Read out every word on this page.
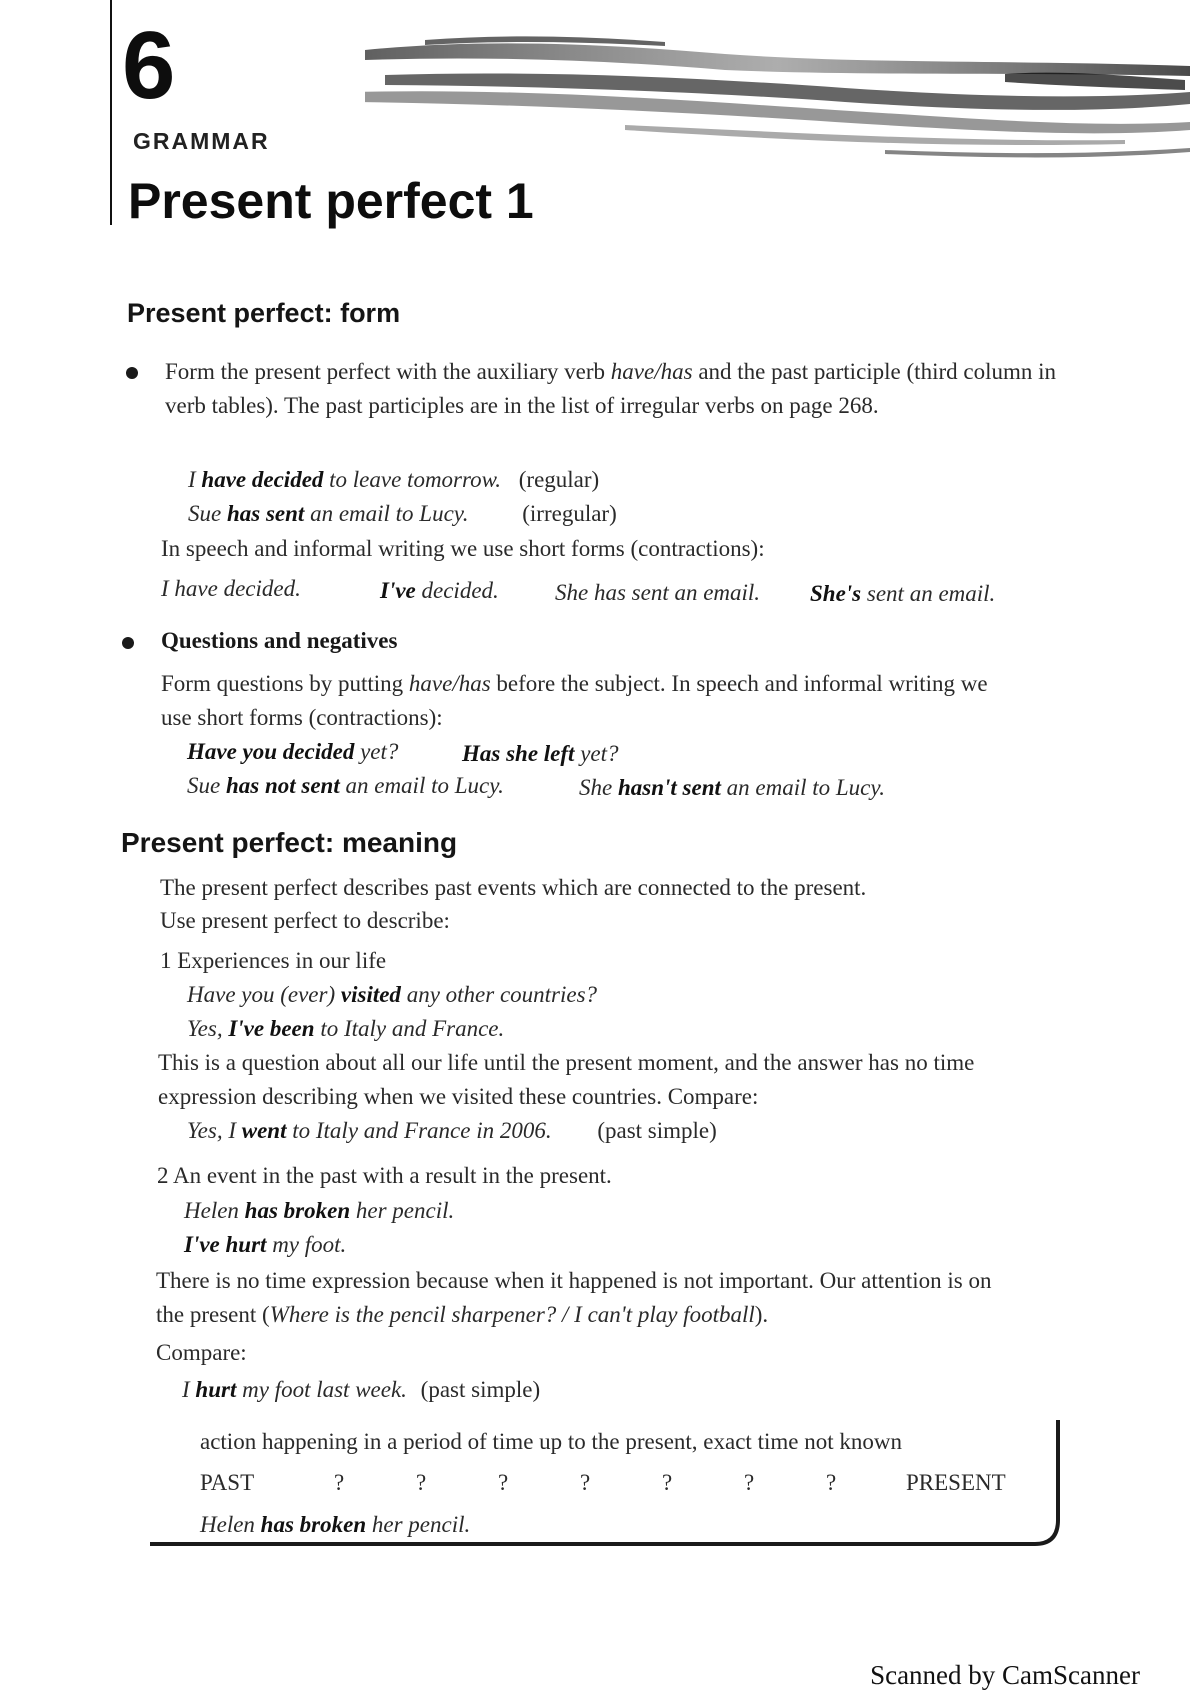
6
GRAMMAR
Present perfect 1
Present perfect: form
Form the present perfect with the auxiliary verb have/has and the past participle (third column in verb tables). The past participles are in the list of irregular verbs on page 268.
I have decided to leave tomorrow. (regular)
Sue has sent an email to Lucy. (irregular)
In speech and informal writing we use short forms (contractions):
I have decided.	I've decided. She has sent an email. She's sent an email.
Questions and negatives
Form questions by putting have/has before the subject. In speech and informal writing we use short forms (contractions):
Have you decided yet?	Has she left yet?
Sue has not sent an email to Lucy.	She hasn't sent an email to Lucy.
Present perfect: meaning
The present perfect describes past events which are connected to the present.
Use present perfect to describe:
1 Experiences in our life
Have you (ever) visited any other countries?
Yes, I've been to Italy and France.
This is a question about all our life until the present moment, and the answer has no time expression describing when we visited these countries. Compare:
Yes, I went to Italy and France in 2006. (past simple)
2 An event in the past with a result in the present.
Helen has broken her pencil.
I've hurt my foot.
There is no time expression because when it happened is not important. Our attention is on the present (Where is the pencil sharpener? / I can't play football).
Compare:
I hurt my foot last week. (past simple)
action happening in a period of time up to the present, exact time not known
PAST	?	?	?	?	?	?	?	PRESENT
Helen has broken her pencil.
Scanned by CamScanner
